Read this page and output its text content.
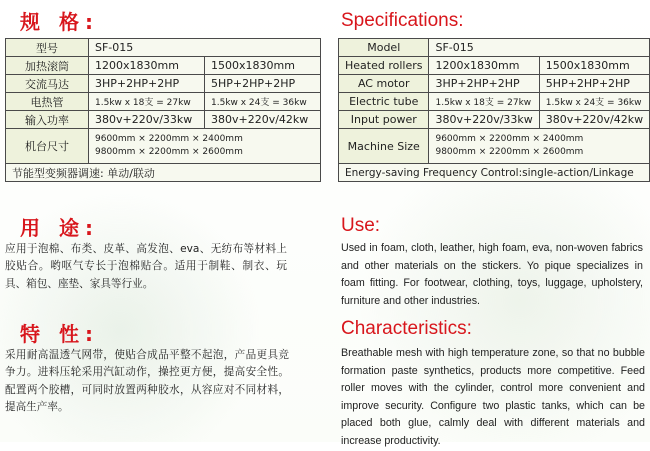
规 格:
型号	SF-015	
加热滚筒	1200x1830mm	1500x1830mm
交流马达	3HP+2HP+2HP	5HP+2HP+2HP
电热管	1.5kw x 18支 = 27kw	1.5kw x 24支 = 36kw
输入功率	380v+220v/33kw	380v+220v/42kw
机台尺寸	9600mm × 2200mm × 2400mm
9800mm × 2200mm × 2600mm	

节能型变频器调速: 单动/联动		
用 途:
应用于泡棉、布类、皮革、高发泡、eva、无纺布等材料上胶贴合。哟呕气专长于泡棉贴合。适用于制鞋、制衣、玩具、箱包、座垫、家具等行业。
特 性:
采用耐高温透气网带，使贴合成品平整不起泡，产品更具竞争力。进料压轮采用汽缸动作，操控更方便，提高安全性。配置两个胶槽，可同时放置两种胶水，从容应对不同材料，提高生产率。
Specifications:
Model	SF-015	
Heated rollers	1200x1830mm	1500x1830mm
AC motor	3HP+2HP+2HP	5HP+2HP+2HP
Electric tube	1.5kw x 18支 = 27kw	1.5kw x 24支 = 36kw
Input power	380v+220v/33kw	380v+220v/42kw
Machine Size	9600mm × 2200mm × 2400mm
9800mm × 2200mm × 2600mm	

Energy-saving Frequency Control:single-action/Linkage		
Use:
Used in foam, cloth, leather, high foam, eva, non-woven fabrics and other materials on the stickers. Yo pique specializes in foam fitting. For footwear, clothing, toys, luggage, upholstery, furniture and other industries.
Characteristics:
Breathable mesh with high temperature zone, so that no bubble formation paste synthetics, products more competitive. Feed roller moves with the cylinder, control more convenient and improve security. Configure two plastic tanks, which can be placed both glue, calmly deal with different materials and increase productivity.
